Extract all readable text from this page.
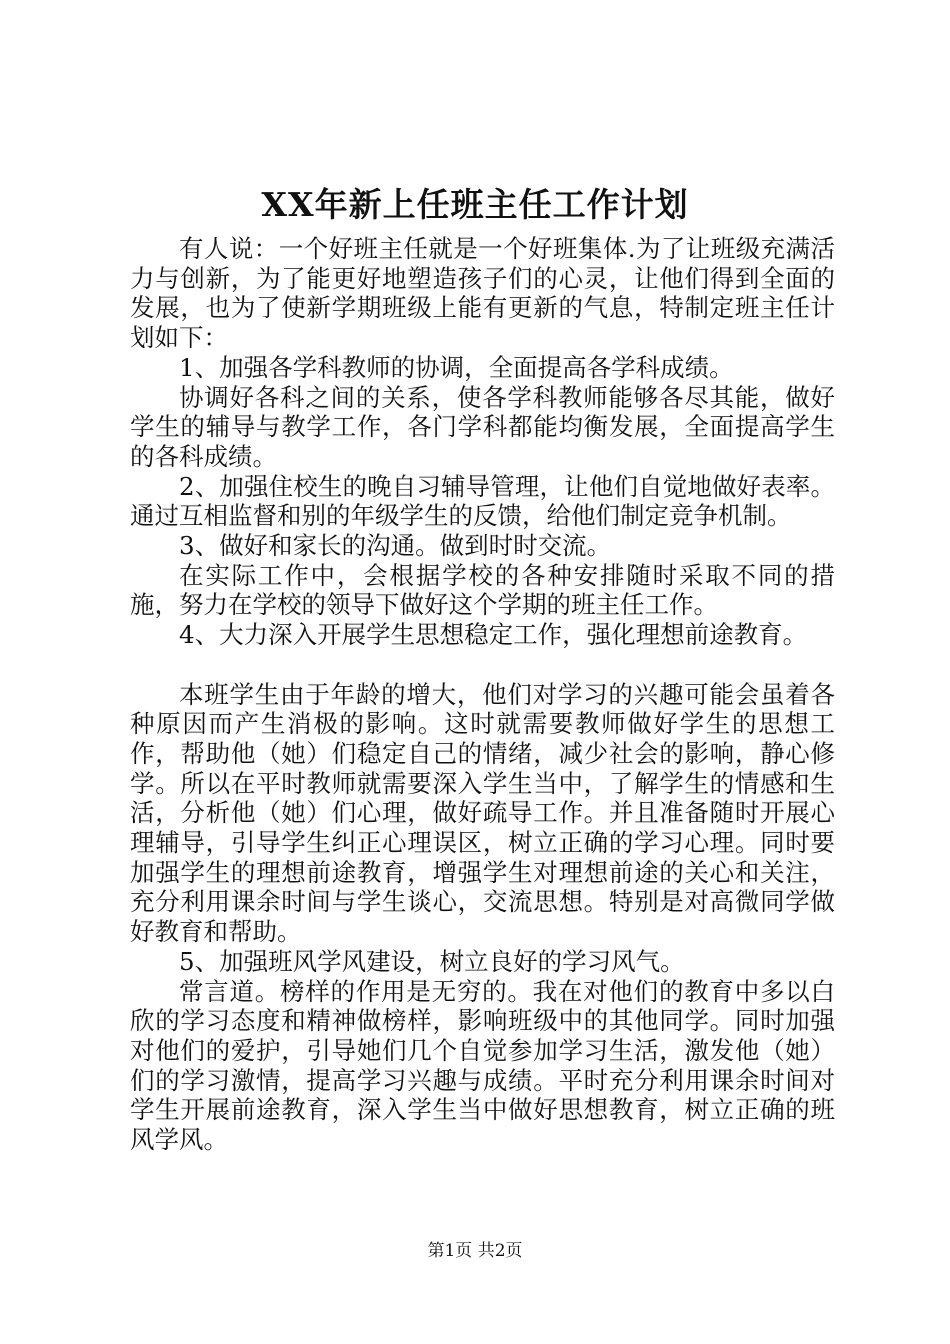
XX年新上任班主任工作计划

有人说：一个好班主任就是一个好班集体.为了让班级充满活力与创新，为了能更好地塑造孩子们的心灵，让他们得到全面的发展，也为了使新学期班级上能有更新的气息，特制定班主任计划如下：

1、加强各学科教师的协调，全面提高各学科成绩。

协调好各科之间的关系，使各学科教师能够各尽其能，做好学生的辅导与教学工作，各门学科都能均衡发展，全面提高学生的各科成绩。

2、加强住校生的晚自习辅导管理，让他们自觉地做好表率。通过互相监督和别的年级学生的反馈，给他们制定竞争机制。

3、做好和家长的沟通。做到时时交流。

在实际工作中，会根据学校的各种安排随时采取不同的措施，努力在学校的领导下做好这个学期的班主任工作。

4、大力深入开展学生思想稳定工作，强化理想前途教育。

本班学生由于年龄的增大，他们对学习的兴趣可能会虽着各种原因而产生消极的影响。这时就需要教师做好学生的思想工作，帮助他（她）们稳定自己的情绪，减少社会的影响，静心修学。所以在平时教师就需要深入学生当中，了解学生的情感和生活，分析他（她）们心理，做好疏导工作。并且准备随时开展心理辅导，引导学生纠正心理误区，树立正确的学习心理。同时要加强学生的理想前途教育，增强学生对理想前途的关心和关注，充分利用课余时间与学生谈心，交流思想。特别是对高微同学做好教育和帮助。

5、加强班风学风建设，树立良好的学习风气。

常言道。榜样的作用是无穷的。我在对他们的教育中多以白欣的学习态度和精神做榜样，影响班级中的其他同学。同时加强对他们的爱护，引导她们几个自觉参加学习生活，激发他（她）们的学习激情，提高学习兴趣与成绩。平时充分利用课余时间对学生开展前途教育，深入学生当中做好思想教育，树立正确的班风学风。

第1页 共2页
